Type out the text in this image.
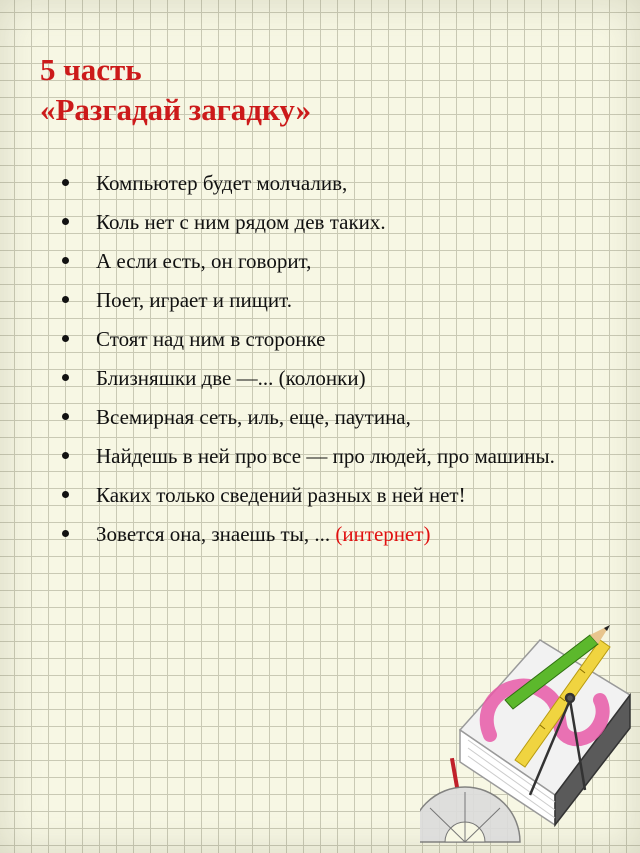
5 часть
«Разгадай загадку»
Компьютер будет молчалив,
Коль нет с ним рядом дев таких.
А если есть, он говорит,
Поет, играет и пищит.
Стоят над ним в сторонке
Близняшки две —... (колонки)
Всемирная сеть, иль, еще, паутина,
Найдешь в ней про все — про людей, про машины.
Каких только сведений разных в ней нет!
Зовется она, знаешь ты, ... (интернет)
